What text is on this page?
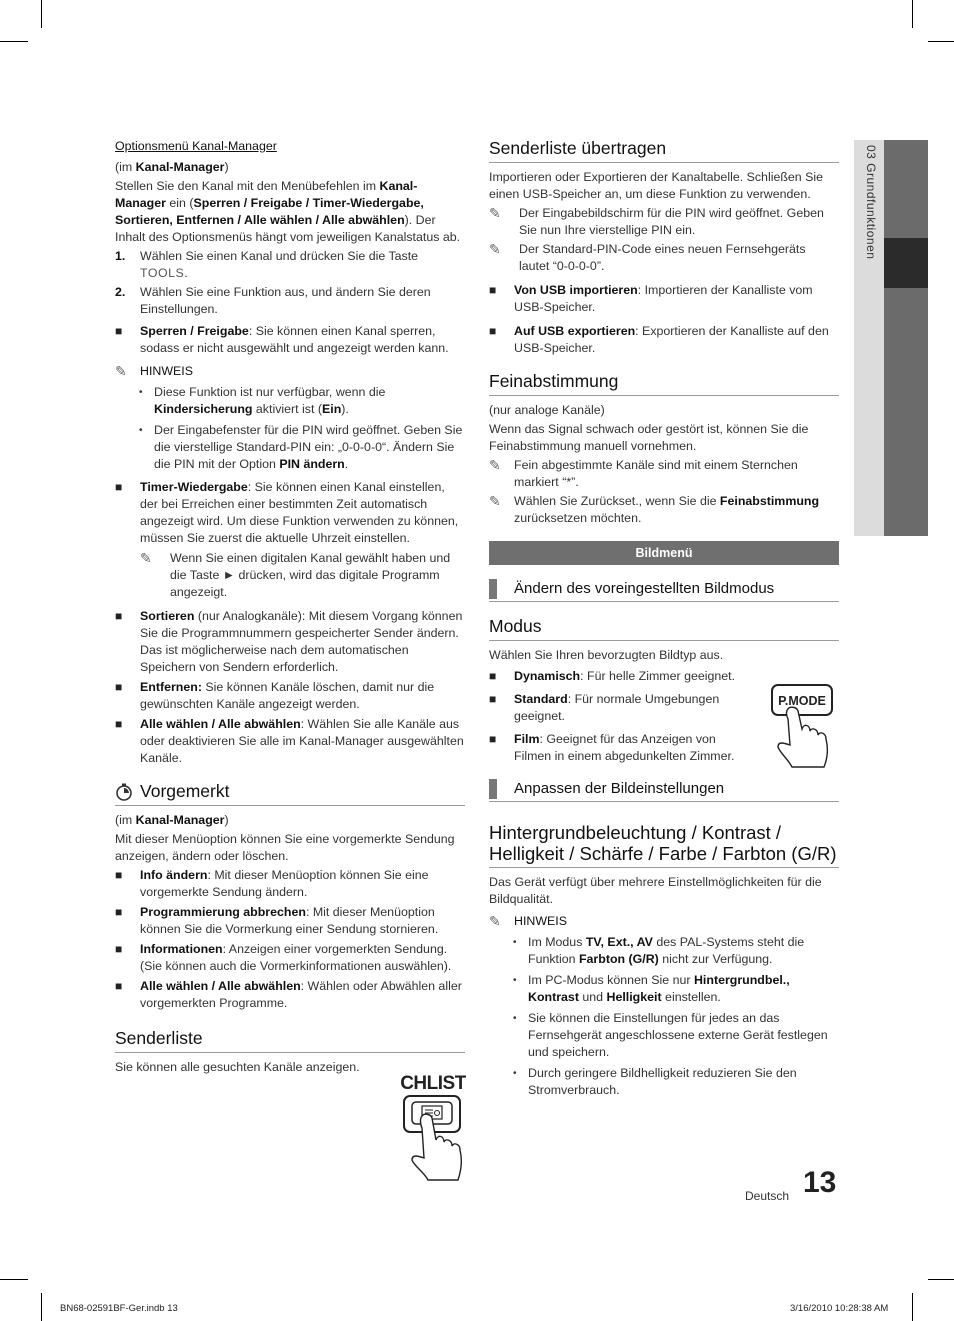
03 Grundfunktionen
Optionsmenü Kanal-Manager

(im Kanal-Manager)

Stellen Sie den Kanal mit den Menübefehlen im Kanal-Manager ein (Sperren / Freigabe / Timer-Wiedergabe, Sortieren, Entfernen / Alle wählen / Alle abwählen). Der Inhalt des Optionsmenüs hängt vom jeweiligen Kanalstatus ab.

1.	Wählen Sie einen Kanal und drücken Sie die Taste TOOLS.
2.	Wählen Sie eine Funktion aus, und ändern Sie deren Einstellungen.
■	Sperren / Freigabe: Sie können einen Kanal sperren, sodass er nicht ausgewählt und angezeigt werden kann.
✎	HINWEIS
• Diese Funktion ist nur verfügbar, wenn die Kindersicherung aktiviert ist (Ein).
• Der Eingabefenster für die PIN wird geöffnet. Geben Sie die vierstellige Standard-PIN ein: „0-0-0-0“. Ändern Sie die PIN mit der Option PIN ändern.
■	Timer-Wiedergabe: Sie können einen Kanal einstellen, der bei Erreichen einer bestimmten Zeit automatisch angezeigt wird. Um diese Funktion verwenden zu können, müssen Sie zuerst die aktuelle Uhrzeit einstellen.
✎	Wenn Sie einen digitalen Kanal gewählt haben und die Taste ► drücken, wird das digitale Programm angezeigt.
■	Sortieren (nur Analogkanäle): Mit diesem Vorgang können Sie die Programmnummern gespeicherter Sender ändern. Das ist möglicherweise nach dem automatischen Speichern von Sendern erforderlich.
■	Entfernen: Sie können Kanäle löschen, damit nur die gewünschten Kanäle angezeigt werden.
■	Alle wählen / Alle abwählen: Wählen Sie alle Kanäle aus oder deaktivieren Sie alle im Kanal-Manager ausgewählten Kanäle.
Vorgemerkt

(im Kanal-Manager)

Mit dieser Menüoption können Sie eine vorgemerkte Sendung anzeigen, ändern oder löschen.

■	Info ändern: Mit dieser Menüoption können Sie eine vorgemerkte Sendung ändern.
■	Programmierung abbrechen: Mit dieser Menüoption können Sie die Vormerkung einer Sendung stornieren.
■	Informationen: Anzeigen einer vorgemerkten Sendung. (Sie können auch die Vormerkinformationen auswählen).
■	Alle wählen / Alle abwählen: Wählen oder Abwählen aller vorgemerkten Programme.
Senderliste

Sie können alle gesuchten Kanäle anzeigen.

CHLIST
Senderliste übertragen

Importieren oder Exportieren der Kanaltabelle. Schließen Sie einen USB-Speicher an, um diese Funktion zu verwenden.

✎	Der Eingabebildschirm für die PIN wird geöffnet. Geben Sie nun Ihre vierstellige PIN ein.
✎	Der Standard-PIN-Code eines neuen Fernsehgeräts lautet “0-0-0-0”.
■	Von USB importieren: Importieren der Kanalliste vom USB-Speicher.
■	Auf USB exportieren: Exportieren der Kanalliste auf den USB-Speicher.
Feinabstimmung

(nur analoge Kanäle)

Wenn das Signal schwach oder gestört ist, können Sie die Feinabstimmung manuell vornehmen.

✎	Fein abgestimmte Kanäle sind mit einem Sternchen markiert “*”.
✎	Wählen Sie Zurückset., wenn Sie die Feinabstimmung zurücksetzen möchten.
Bildmenü
Ändern des voreingestellten Bildmodus
Modus

Wählen Sie Ihren bevorzugten Bildtyp aus.

■	Dynamisch: Für helle Zimmer geeignet.
■	Standard: Für normale Umgebungen geeignet.
■	Film: Geeignet für das Anzeigen von Filmen in einem abgedunkelten Zimmer.
Anpassen der Bildeinstellungen
Hintergrundbeleuchtung / Kontrast / Helligkeit / Schärfe / Farbe / Farbton (G/R)

Das Gerät verfügt über mehrere Einstellmöglichkeiten für die Bildqualität.

✎	HINWEIS
• Im Modus TV, Ext., AV des PAL-Systems steht die Funktion Farbton (G/R) nicht zur Verfügung.
• Im PC-Modus können Sie nur Hintergrundbel., Kontrast und Helligkeit einstellen.
• Sie können die Einstellungen für jedes an das Fernsehgerät angeschlossene externe Gerät festlegen und speichern.
• Durch geringere Bildhelligkeit reduzieren Sie den Stromverbrauch.
P.MODE
Deutsch 13
BN68-02591BF-Ger.indb 13	3/16/2010 10:28:38 AM
